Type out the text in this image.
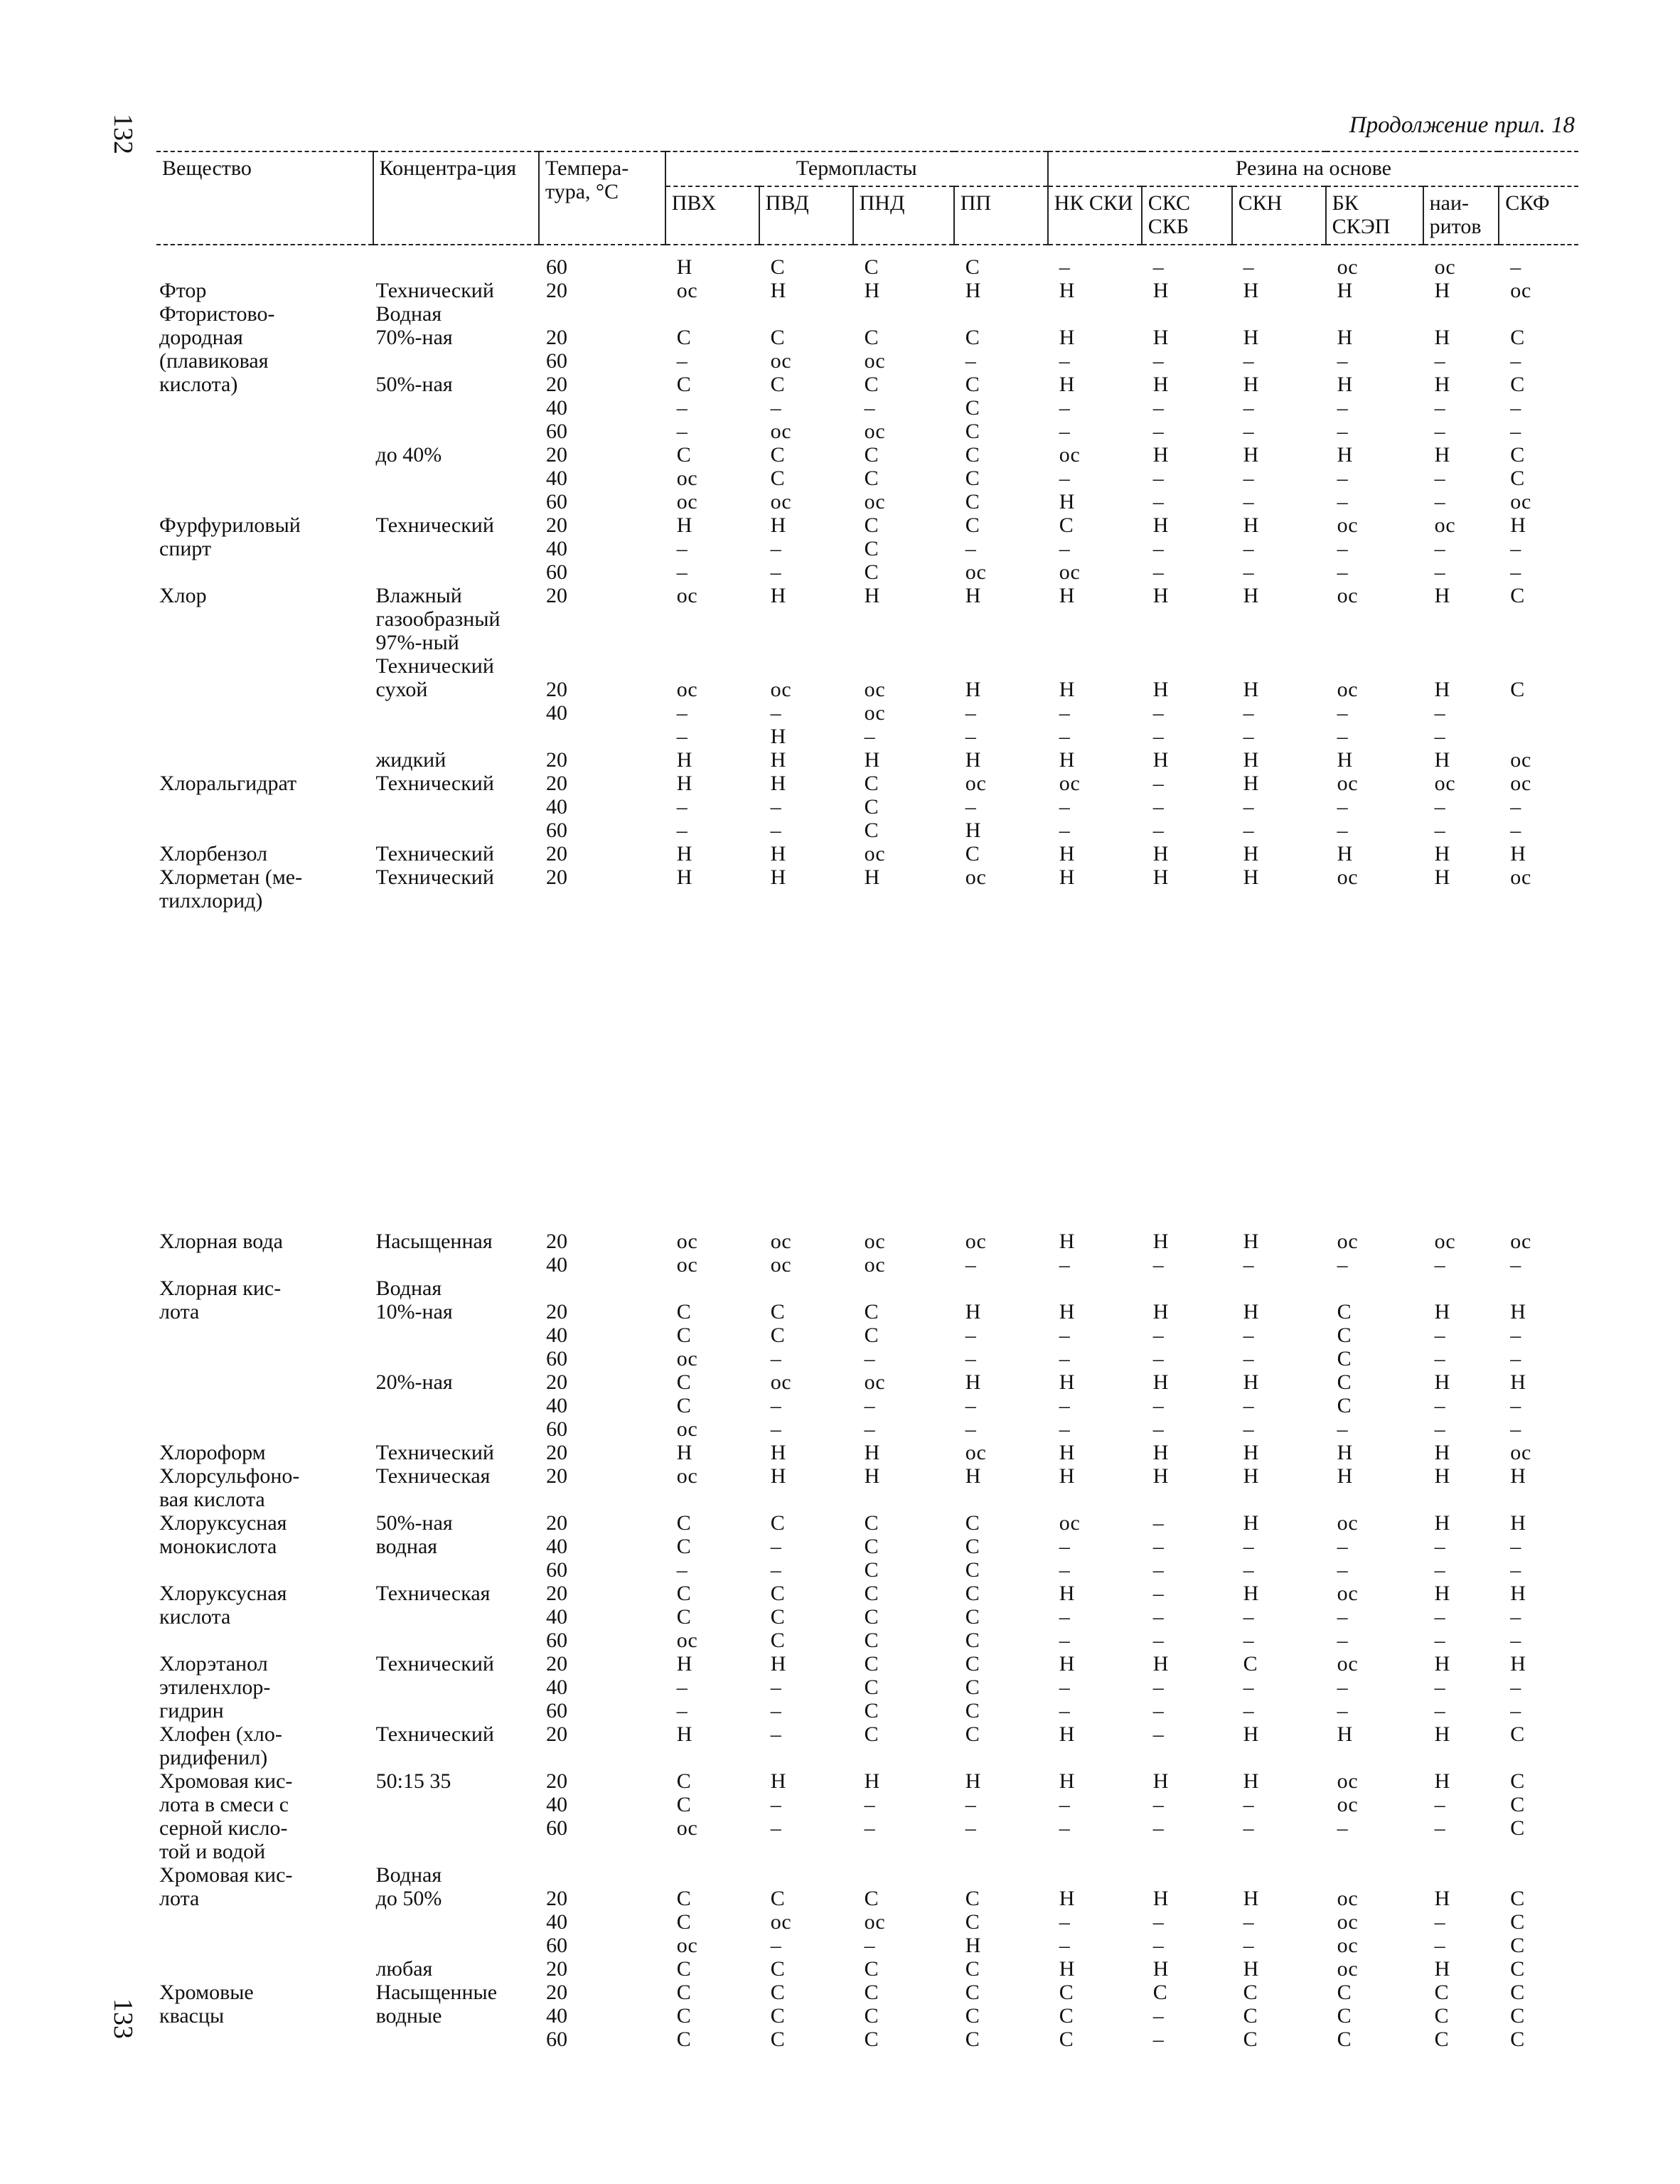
132
133
Продолжение прил. 18
Вещество	Концентра-ция	Темпера-тура, °С	Термопласты				Резина на основе					
			ПВХ	ПВД	ПНД	ПП	НК СКИ	СКС СКБ	СКН	БК СКЭП	наи-ритов	СКФ
		60	Н	С	С	С	–	–	–	ос	ос	–
Фтор	Технический	20	ос	Н	Н	Н	Н	Н	Н	Н	Н	ос
Фтористово-	Водная											
дородная	70%-ная	20	С	С	С	С	Н	Н	Н	Н	Н	С
(плавиковая		60	–	ос	ос	–	–	–	–	–	–	–
кислота)	50%-ная	20	С	С	С	С	Н	Н	Н	Н	Н	С
		40	–	–	–	С	–	–	–	–	–	–
		60	–	ос	ос	С	–	–	–	–	–	–
	до 40%	20	С	С	С	С	ос	Н	Н	Н	Н	С
		40	ос	С	С	С	–	–	–	–	–	С
		60	ос	ос	ос	С	Н	–	–	–	–	ос
Фурфуриловый	Технический	20	Н	Н	С	С	С	Н	Н	ос	ос	Н
спирт		40	–	–	С	–	–	–	–	–	–	–
		60	–	–	С	ос	ос	–	–	–	–	–
Хлор	Влажный	20	ос	Н	Н	Н	Н	Н	Н	ос	Н	С
	газообразный											
	97%-ный											
	Технический											
	сухой	20	ос	ос	ос	Н	Н	Н	Н	ос	Н	С
		40	–	–	ос	–	–	–	–	–	–	
			–	Н	–	–	–	–	–	–	–	
	жидкий	20	Н	Н	Н	Н	Н	Н	Н	Н	Н	ос
Хлоральгидрат	Технический	20	Н	Н	С	ос	ос	–	Н	ос	ос	ос
		40	–	–	С	–	–	–	–	–	–	–
		60	–	–	С	Н	–	–	–	–	–	–
Хлорбензол	Технический	20	Н	Н	ос	С	Н	Н	Н	Н	Н	Н
Хлорметан (ме-	Технический	20	Н	Н	Н	ос	Н	Н	Н	ос	Н	ос
тилхлорид)												
Хлорная вода	Насыщенная	20	ос	ос	ос	ос	Н	Н	Н	ос	ос	ос
		40	ос	ос	ос	–	–	–	–	–	–	–
Хлорная кис-	Водная											
лота	10%-ная	20	С	С	С	Н	Н	Н	Н	С	Н	Н
		40	С	С	С	–	–	–	–	С	–	–
		60	ос	–	–	–	–	–	–	С	–	–
	20%-ная	20	С	ос	ос	Н	Н	Н	Н	С	Н	Н
		40	С	–	–	–	–	–	–	С	–	–
		60	ос	–	–	–	–	–	–	–	–	–
Хлороформ	Технический	20	Н	Н	Н	ос	Н	Н	Н	Н	Н	ос
Хлорсульфоно-	Техническая	20	ос	Н	Н	Н	Н	Н	Н	Н	Н	Н
вая кислота												
Хлоруксусная	50%-ная	20	С	С	С	С	ос	–	Н	ос	Н	Н
монокислота	водная	40	С	–	С	С	–	–	–	–	–	–
		60	–	–	С	С	–	–	–	–	–	–
Хлоруксусная	Техническая	20	С	С	С	С	Н	–	Н	ос	Н	Н
кислота		40	С	С	С	С	–	–	–	–	–	–
		60	ос	С	С	С	–	–	–	–	–	–
Хлорэтанол	Технический	20	Н	Н	С	С	Н	Н	С	ос	Н	Н
этиленхлор-		40	–	–	С	С	–	–	–	–	–	–
гидрин		60	–	–	С	С	–	–	–	–	–	–
Хлофен (хло-	Технический	20	Н	–	С	С	Н	–	Н	Н	Н	С
ридифенил)												
Хромовая кис-	50:15 35	20	С	Н	Н	Н	Н	Н	Н	ос	Н	С
лота в смеси с		40	С	–	–	–	–	–	–	ос	–	С
серной кисло-		60	ос	–	–	–	–	–	–	–	–	С
той и водой												
Хромовая кис-	Водная											
лота	до 50%	20	С	С	С	С	Н	Н	Н	ос	Н	С
		40	С	ос	ос	С	–	–	–	ос	–	С
		60	ос	–	–	Н	–	–	–	ос	–	С
	любая	20	С	С	С	С	Н	Н	Н	ос	Н	С
Хромовые	Насыщенные	20	С	С	С	С	С	С	С	С	С	С
квасцы	водные	40	С	С	С	С	С	–	С	С	С	С
		60	С	С	С	С	С	–	С	С	С	С
